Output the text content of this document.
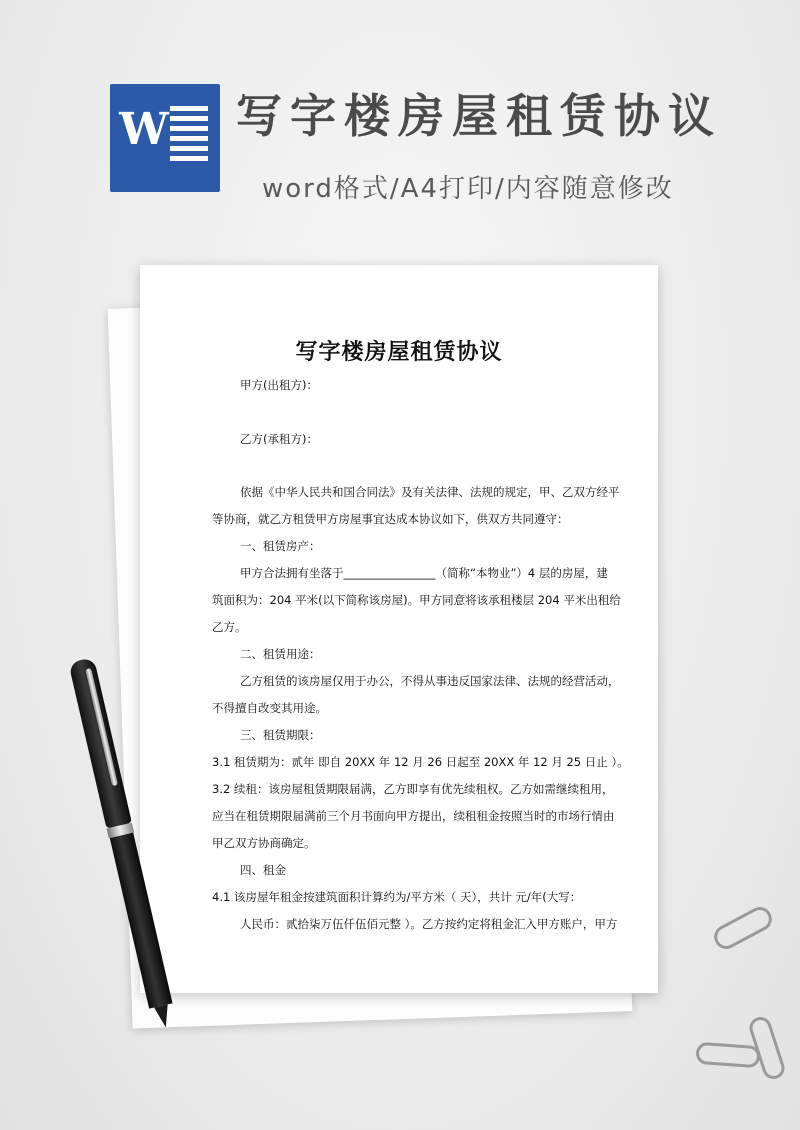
W 写字楼房屋租赁协议
word格式/A4打印/内容随意修改
写字楼房屋租赁协议
甲方(出租方)：
乙方(承租方)：
依据《中华人民共和国合同法》及有关法律、法规的规定，甲、乙双方经平
等协商，就乙方租赁甲方房屋事宜达成本协议如下，供双方共同遵守：
一、租赁房产：
甲方合法拥有坐落于________________（简称“本物业”）4 层的房屋，建
筑面积为：204 平米(以下简称该房屋)。甲方同意将该承租楼层 204 平米出租给
乙方。
二、租赁用途：
乙方租赁的该房屋仅用于办公，不得从事违反国家法律、法规的经营活动，
不得擅自改变其用途。
三、租赁期限：
3.1 租赁期为：贰年 即自 20XX 年 12 月 26 日起至 20XX 年 12 月 25 日止 ）。
3.2 续租：该房屋租赁期限届满，乙方即享有优先续租权。乙方如需继续租用，
应当在租赁期限届满前三个月书面向甲方提出，续租租金按照当时的市场行情由
甲乙双方协商确定。
四、租金
4.1 该房屋年租金按建筑面积计算约为/平方米（ 天），共计 元/年(大写：
人民币：贰拾柒万伍仟伍佰元整 ）。乙方按约定将租金汇入甲方账户，甲方
